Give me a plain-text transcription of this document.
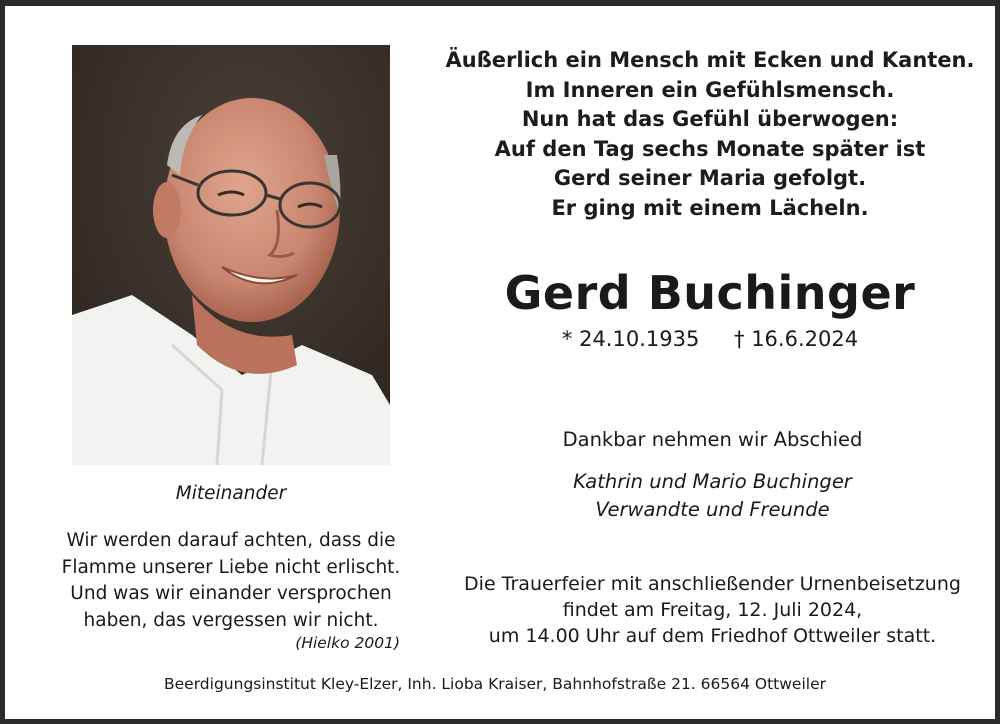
Äußerlich ein Mensch mit Ecken und Kanten.
Im Inneren ein Gefühlsmensch.
Nun hat das Gefühl überwogen:
Auf den Tag sechs Monate später ist
Gerd seiner Maria gefolgt.
Er ging mit einem Lächeln.
Gerd Buchinger
* 24.10.1935 † 16.6.2024
Dankbar nehmen wir Abschied
Kathrin und Mario Buchinger
Verwandte und Freunde
Die Trauerfeier mit anschließender Urnenbeisetzung
findet am Freitag, 12. Juli 2024,
um 14.00 Uhr auf dem Friedhof Ottweiler statt.
Miteinander
Wir werden darauf achten, dass die
Flamme unserer Liebe nicht erlischt.
Und was wir einander versprochen
haben, das vergessen wir nicht.
(Hielko 2001)
Beerdigungsinstitut Kley-Elzer, Inh. Lioba Kraiser, Bahnhofstraße 21. 66564 Ottweiler
